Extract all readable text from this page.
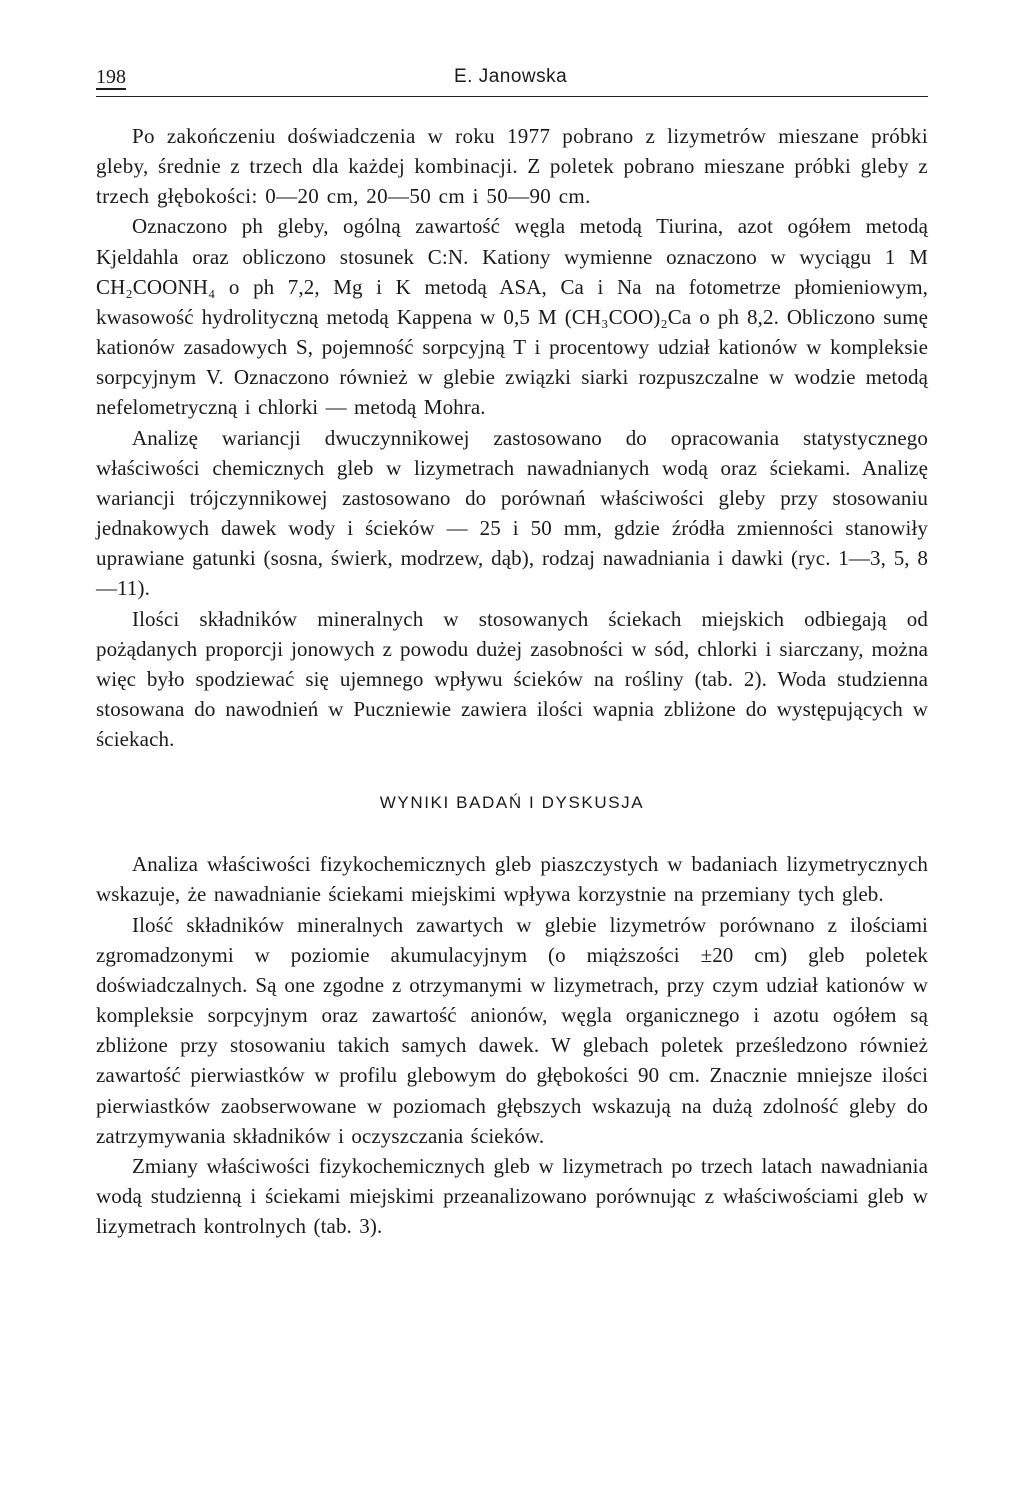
198	E. Janowska

Po zakończeniu doświadczenia w roku 1977 pobrano z lizymetrów mieszane próbki gleby, średnie z trzech dla każdej kombinacji. Z poletek pobrano mieszane próbki gleby z trzech głębokości: 0—20 cm, 20—50 cm i 50—90 cm.

Oznaczono ph gleby, ogólną zawartość węgla metodą Tiurina, azot ogółem metodą Kjeldahla oraz obliczono stosunek C:N. Kationy wymienne oznaczono w wyciągu 1 M CH₂COONH₄ o ph 7,2, Mg i K metodą ASA, Ca i Na na fotometrze płomieniowym, kwasowość hydrolityczną metodą Kappena w 0,5 M (CH₃COO)₂Ca o ph 8,2. Obliczono sumę kationów zasadowych S, pojemność sorpcyjną T i procentowy udział kationów w kompleksie sorpcyjnym V. Oznaczono również w glebie związki siarki rozpuszczalne w wodzie metodą nefelometryczną i chlorki — metodą Mohra.

Analizę wariancji dwuczynnikowej zastosowano do opracowania statystycznego właściwości chemicznych gleb w lizymetrach nawadnianych wodą oraz ściekami. Analizę wariancji trójczynnikowej zastosowano do porównań właściwości gleby przy stosowaniu jednakowych dawek wody i ścieków — 25 i 50 mm, gdzie źródła zmienności stanowiły uprawiane gatunki (sosna, świerk, modrzew, dąb), rodzaj nawadniania i dawki (ryc. 1—3, 5, 8—11).

Ilości składników mineralnych w stosowanych ściekach miejskich odbiegają od pożądanych proporcji jonowych z powodu dużej zasobności w sód, chlorki i siarczany, można więc było spodziewać się ujemnego wpływu ścieków na rośliny (tab. 2). Woda studzienna stosowana do nawodnień w Puczniewie zawiera ilości wapnia zbliżone do występujących w ściekach.

WYNIKI BADAŃ I DYSKUSJA

Analiza właściwości fizykochemicznych gleb piaszczystych w badaniach lizymetrycznych wskazuje, że nawadnianie ściekami miejskimi wpływa korzystnie na przemiany tych gleb.

Ilość składników mineralnych zawartych w glebie lizymetrów porównano z ilościami zgromadzonymi w poziomie akumulacyjnym (o miąższości ±20 cm) gleb poletek doświadczalnych. Są one zgodne z otrzymanymi w lizymetrach, przy czym udział kationów w kompleksie sorpcyjnym oraz zawartość anionów, węgla organicznego i azotu ogółem są zbliżone przy stosowaniu takich samych dawek. W glebach poletek prześledzono również zawartość pierwiastków w profilu glebowym do głębokości 90 cm. Znacznie mniejsze ilości pierwiastków zaobserwowane w poziomach głębszych wskazują na dużą zdolność gleby do zatrzymywania składników i oczyszczania ścieków.

Zmiany właściwości fizykochemicznych gleb w lizymetrach po trzech latach nawadniania wodą studzienną i ściekami miejskimi przeanalizowano porównując z właściwościami gleb w lizymetrach kontrolnych (tab. 3).
